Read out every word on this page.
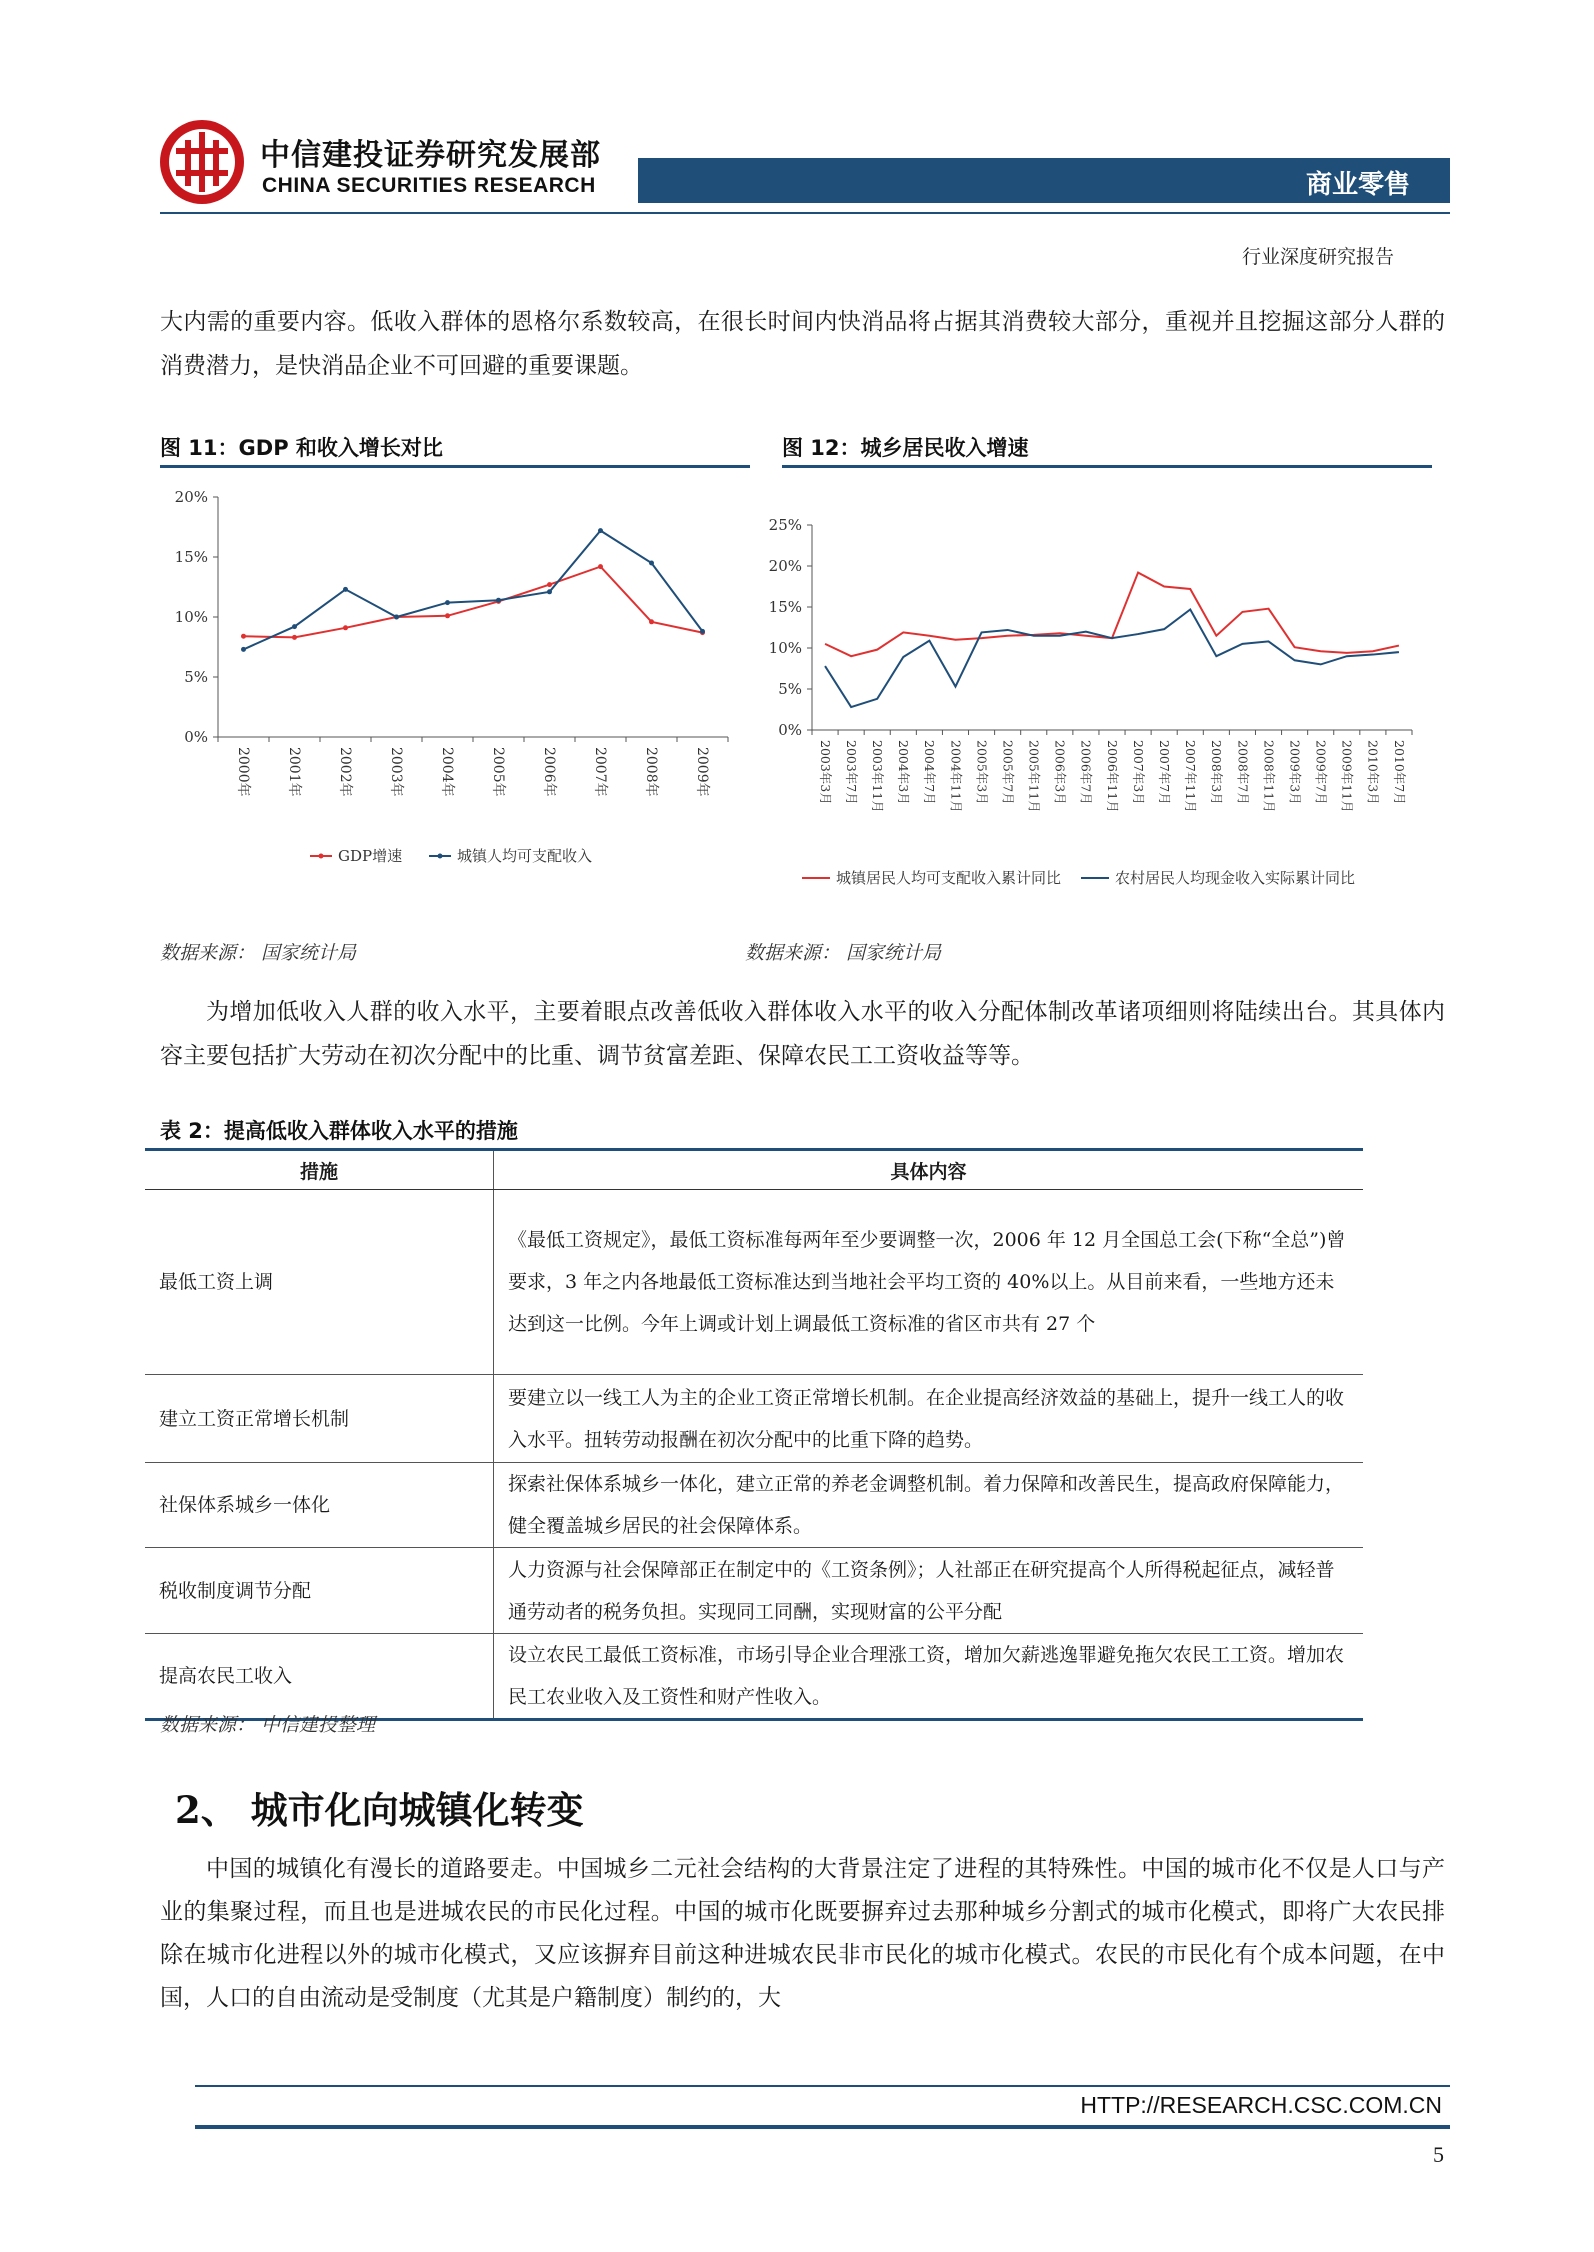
中信建投证券研究发展部
CHINA SECURITIES RESEARCH	商业零售
行业深度研究报告
大内需的重要内容。低收入群体的恩格尔系数较高，在很长时间内快消品将占据其消费较大部分，重视并且挖掘这部分人群的消费潜力，是快消品企业不可回避的重要课题。
图 11：GDP 和收入增长对比
0%
5%
10%
15%
20%
2000年 2001年	2002年	2003年	2004年	2005年	2006年	2007年	2008年 2009年
GDP增速	城镇人均可支配收入
数据来源： 国家统计局
图 12：城乡居民收入增速
0%
5%
10%
15%
20%
25%
2003年3月 2003年7月 2003年11月 2004年3月 2004年7月 2004年11月 2005年3月 2005年7月 2005年11月 2006年3月 2006年7月 2006年11月 2007年3月 2007年7月 2007年11月 2008年3月 2008年7月 2008年11月 2009年3月 2009年7月 2009年11月 2010年3月 2010年7月
城镇居民人均可支配收入累计同比	农村居民人均现金收入实际累计同比
数据来源： 国家统计局
为增加低收入人群的收入水平，主要着眼点改善低收入群体收入水平的收入分配体制改革诸项细则将陆续出台。其具体内容主要包括扩大劳动在初次分配中的比重、调节贫富差距、保障农民工工资收益等等。
表 2：提高低收入群体收入水平的措施
措施	具体内容
最低工资上调	《最低工资规定》，最低工资标准每两年至少要调整一次，2006 年 12 月全国总工会(下称“全总”)曾要求，3 年之内各地最低工资标准达到当地社会平均工资的 40%以上。从目前来看，一些地方还未达到这一比例。今年上调或计划上调最低工资标准的省区市共有 27 个
建立工资正常增长机制	要建立以一线工人为主的企业工资正常增长机制。在企业提高经济效益的基础上，提升一线工人的收入水平。扭转劳动报酬在初次分配中的比重下降的趋势。
社保体系城乡一体化	探索社保体系城乡一体化，建立正常的养老金调整机制。着力保障和改善民生，提高政府保障能力，健全覆盖城乡居民的社会保障体系。
税收制度调节分配	人力资源与社会保障部正在制定中的《工资条例》；人社部正在研究提高个人所得税起征点，减轻普通劳动者的税务负担。实现同工同酬，实现财富的公平分配
提高农民工收入	设立农民工最低工资标准，市场引导企业合理涨工资，增加欠薪逃逸罪避免拖欠农民工工资。增加农民工农业收入及工资性和财产性收入。
数据来源： 中信建投整理
2、 城市化向城镇化转变
中国的城镇化有漫长的道路要走。中国城乡二元社会结构的大背景注定了进程的其特殊性。中国的城市化不仅是人口与产业的集聚过程，而且也是进城农民的市民化过程。中国的城市化既要摒弃过去那种城乡分割式的城市化模式，即将广大农民排除在城市化进程以外的城市化模式，又应该摒弃目前这种进城农民非市民化的城市化模式。农民的市民化有个成本问题，在中国，人口的自由流动是受制度（尤其是户籍制度）制约的，大
HTTP://RESEARCH.CSC.COM.CN
5
